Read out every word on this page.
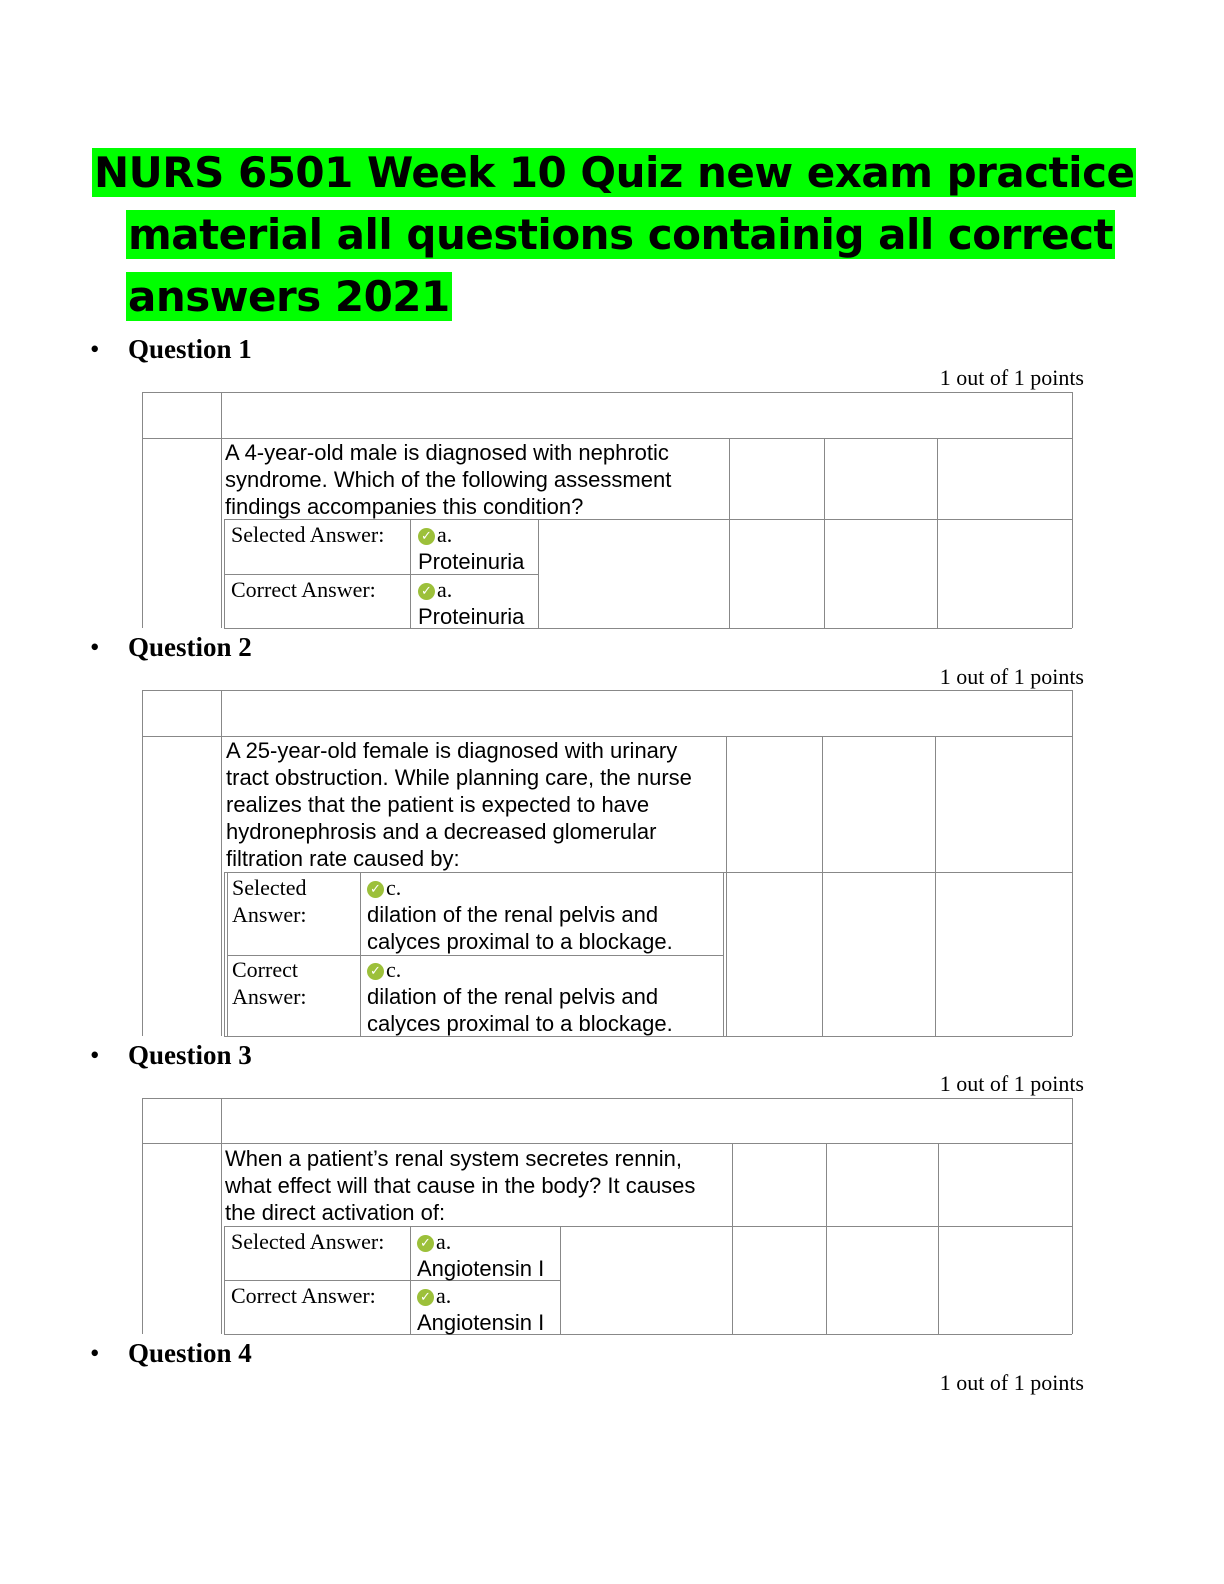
NURS 6501 Week 10 Quiz new exam practice
material all questions containig all correct
answers 2021
• Question 1
1 out of 1 points
A 4-year-old male is diagnosed with nephrotic syndrome. Which of the following assessment findings accompanies this condition?
Selected Answer:	✓ a.
Proteinuria
Correct Answer:	✓ a.
Proteinuria
• Question 2
1 out of 1 points
A 25-year-old female is diagnosed with urinary tract obstruction. While planning care, the nurse realizes that the patient is expected to have hydronephrosis and a decreased glomerular filtration rate caused by:
Selected Answer:
✓ c.
dilation of the renal pelvis and calyces proximal to a blockage.
Correct Answer:
✓ c.
dilation of the renal pelvis and calyces proximal to a blockage.
• Question 3
1 out of 1 points
When a patient’s renal system secretes rennin, what effect will that cause in the body? It causes the direct activation of:
Selected Answer:	✓ a.
Angiotensin I
Correct Answer:	✓ a.
Angiotensin I
• Question 4
1 out of 1 points
